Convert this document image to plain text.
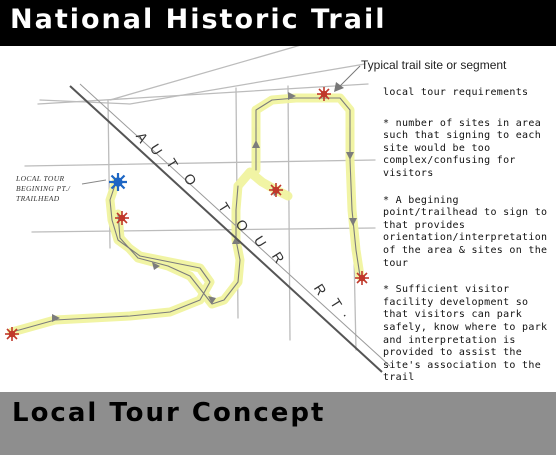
National Historic Trail
A
U
T
O
T
O
U
R
R
T
.
Typical trail site or segment
LOCAL TOUR
BEGINING PT./
TRAILHEAD
local tour requirements
* number of sites in area such that signing to each site would be too complex/confusing for visitors
* A begining point/trailhead to sign to that provides orientation/interpretation of the area & sites on the tour
* Sufficient visitor facility development so that visitors can park safely, know where to park and interpretation is provided to assist the site's association to the trail
Local Tour Concept
